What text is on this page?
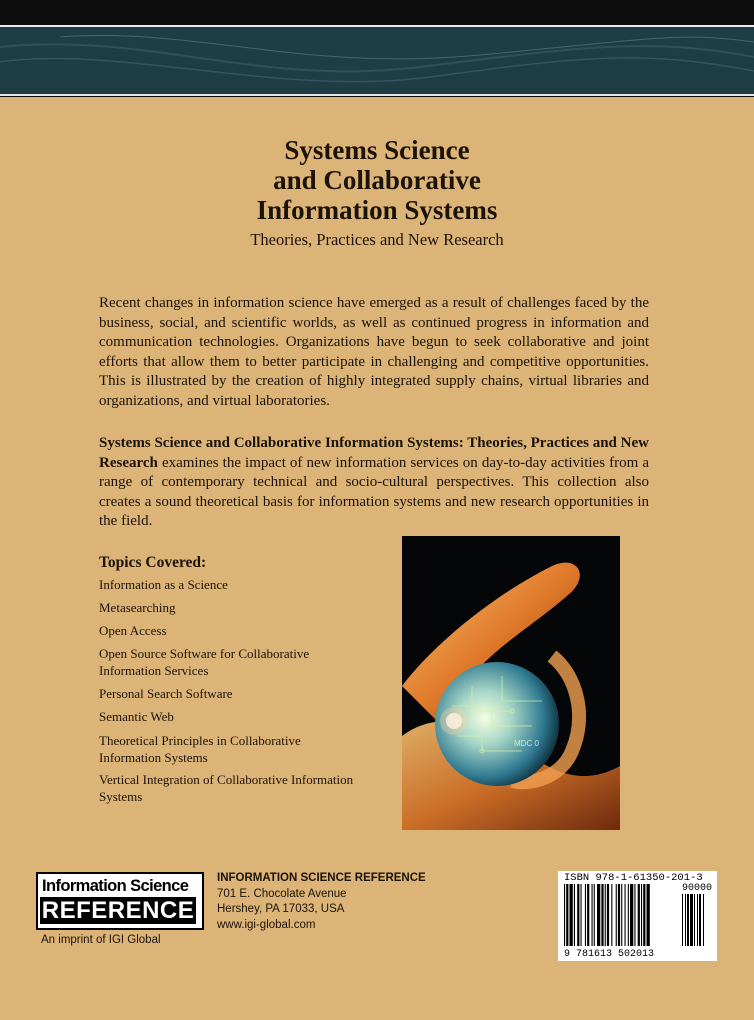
Systems Science
and Collaborative
Information Systems
Theories, Practices and New Research
Recent changes in information science have emerged as a result of challenges faced by the business, social, and scientific worlds, as well as continued progress in information and communication technologies. Organizations have begun to seek collaborative and joint efforts that allow them to better participate in challenging and competitive opportunities. This is illustrated by the creation of highly integrated supply chains, virtual libraries and organizations, and virtual laboratories.
Systems Science and Collaborative Information Systems: Theories, Practices and New Research examines the impact of new information services on day-to-day activities from a range of contemporary technical and socio-cultural perspectives. This collection also creates a sound theoretical basis for information systems and new research opportunities in the field.
Topics Covered:
Information as a Science
Metasearching
Open Access
Open Source Software for Collaborative Information Services
Personal Search Software
Semantic Web
Theoretical Principles in Collaborative Information Systems
Vertical Integration of Collaborative Information Systems
MDC 0
Information Science
REFERENCE
An imprint of IGI Global
INFORMATION SCIENCE REFERENCE
701 E. Chocolate Avenue
Hershey, PA 17033, USA
www.igi-global.com
ISBN 978-1-61350-201-3
90000
9 781613 502013
